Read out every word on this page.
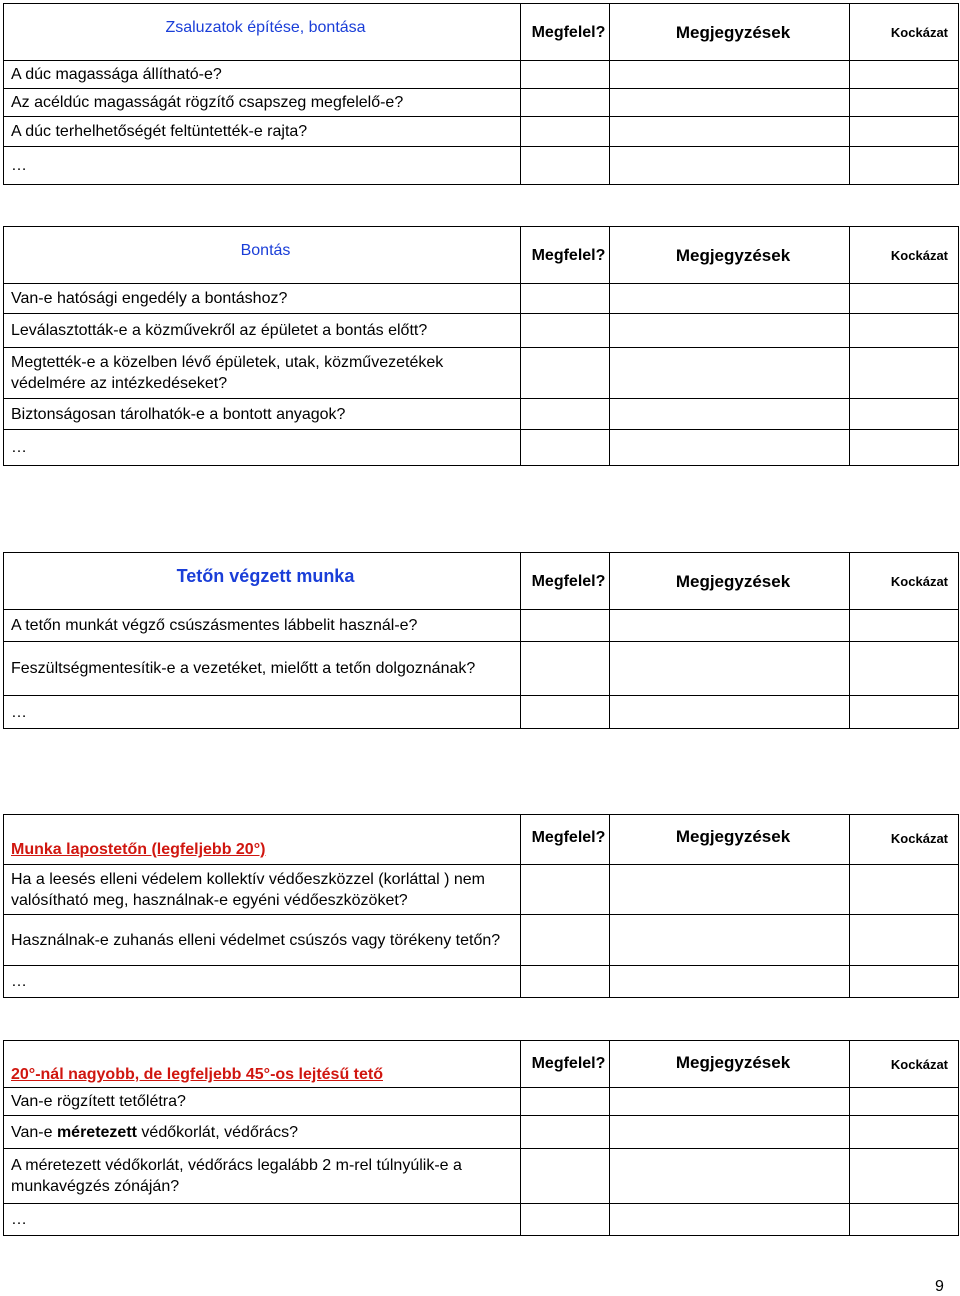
Zsaluzatok építése, bontása	Megfelel?	Megjegyzések	Kockázat
A dúc magassága állítható-e?			
Az acéldúc magasságát rögzítő csapszeg megfelelő-e?			
A dúc terhelhetőségét feltüntették-e rajta?			
…			
Bontás	Megfelel?	Megjegyzések	Kockázat
Van-e hatósági engedély a bontáshoz?			
Leválasztották-e a közművekről az épületet a bontás előtt?			
Megtették-e a közelben lévő épületek, utak, közművezetékek védelmére az intézkedéseket?			
Biztonságosan tárolhatók-e a bontott anyagok?			
…			
Tetőn végzett munka	Megfelel?	Megjegyzések	Kockázat
A tetőn munkát végző csúszásmentes lábbelit használ-e?			
Feszültségmentesítik-e a vezetéket, mielőtt a tetőn dolgoznának?			
…			
Munka lapostetőn (legfeljebb 20°)	Megfelel?	Megjegyzések	Kockázat
Ha a leesés elleni védelem kollektív védőeszközzel (korláttal ) nem valósítható meg, használnak-e egyéni védőeszközöket?			
Használnak-e zuhanás elleni védelmet csúszós vagy törékeny tetőn?			
…			
20°-nál nagyobb, de legfeljebb 45°-os lejtésű tető	Megfelel?	Megjegyzések	Kockázat
Van-e rögzített tetőlétra?			
Van-e méretezett védőkorlát, védőrács?			
A méretezett védőkorlát, védőrács legalább 2 m-rel túlnyúlik-e a munkavégzés zónáján?			
…			
9
